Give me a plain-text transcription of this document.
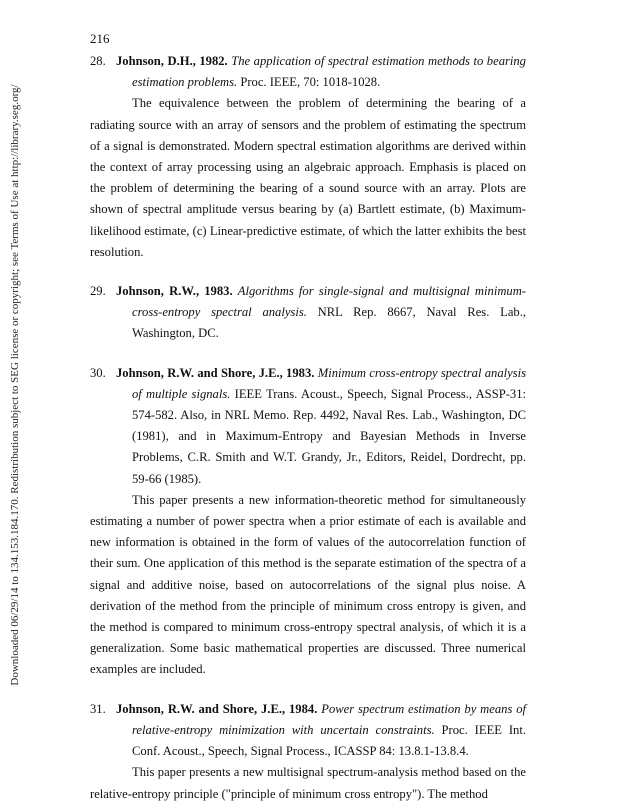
216
Downloaded 06/29/14 to 134.153.184.170. Redistribution subject to SEG license or copyright; see Terms of Use at http://library.seg.org/
28. Johnson, D.H., 1982. The application of spectral estimation methods to bearing estimation problems. Proc. IEEE, 70: 1018-1028.

The equivalence between the problem of determining the bearing of a radiating source with an array of sensors and the problem of estimating the spectrum of a signal is demonstrated. Modern spectral estimation algorithms are derived within the context of array processing using an algebraic approach. Emphasis is placed on the problem of determining the bearing of a sound source with an array. Plots are shown of spectral amplitude versus bearing by (a) Bartlett estimate, (b) Maximum-likelihood estimate, (c) Linear-predictive estimate, of which the latter exhibits the best resolution.

29. Johnson, R.W., 1983. Algorithms for single-signal and multisignal minimum-cross-entropy spectral analysis. NRL Rep. 8667, Naval Res. Lab., Washington, DC.
30. Johnson, R.W. and Shore, J.E., 1983. Minimum cross-entropy spectral analysis of multiple signals. IEEE Trans. Acoust., Speech, Signal Process., ASSP-31: 574-582. Also, in NRL Memo. Rep. 4492, Naval Res. Lab., Washington, DC (1981), and in Maximum-Entropy and Bayesian Methods in Inverse Problems, C.R. Smith and W.T. Grandy, Jr., Editors, Reidel, Dordrecht, pp. 59-66 (1985).

This paper presents a new information-theoretic method for simultaneously estimating a number of power spectra when a prior estimate of each is available and new information is obtained in the form of values of the autocorrelation function of their sum. One application of this method is the separate estimation of the spectra of a signal and additive noise, based on autocorrelations of the signal plus noise. A derivation of the method from the principle of minimum cross entropy is given, and the method is compared to minimum cross-entropy spectral analysis, of which it is a generalization. Some basic mathematical properties are discussed. Three numerical examples are included.

31. Johnson, R.W. and Shore, J.E., 1984. Power spectrum estimation by means of relative-entropy minimization with uncertain constraints. Proc. IEEE Int. Conf. Acoust., Speech, Signal Process., ICASSP 84: 13.8.1-13.8.4.

This paper presents a new multisignal spectrum-analysis method based on the relative-entropy principle ("principle of minimum cross entropy"). The method
